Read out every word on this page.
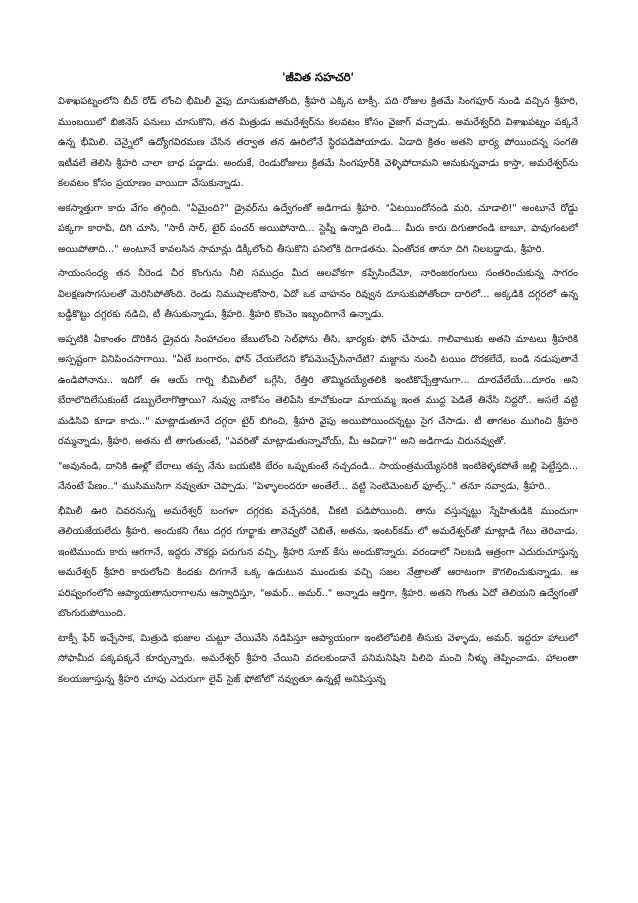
'జీవిత సహచరి'

విశాఖపట్నంలోని బీచ్ రోడ్ లోంచి భీమిలీ వైపు దూసుకుపోతోంది, శ్రీహరి ఎక్కిన టాక్సీ. పది రోజుల క్రితమే సింగపూర్ నుండి వచ్చిన శ్రీహరి, ముంబయిలో బిజినెస్ పనులు చూసుకొని, తన మిత్రుడు అమరేశ్వర్‌ను కలవటం కోసం వైజాగ్ వచ్చాడు. అమరేశ్వర్‌ది విశాఖపట్నం పక్కనే ఉన్న భీమిలి. చెన్నైలో ఉద్యోగవిరమణ చేసిన తర్వాత తన ఊరిలోనే స్థిరపడిపోయాడు. ఏడాది క్రితం అతని భార్య పోయిందన్న సంగతి ఇటీవలే తెలిసి శ్రీహరి చాలా బాధ పడ్డాడు. అందుకే, రెండురోజులు క్రితమే సింగపూర్‌కి వెళ్ళిపోదామని అనుకున్నవాడు కాస్తా, అమరేశ్వర్‌ను కలవటం కోసం ప్రయాణం వాయిదా వేసుకున్నాడు.

అకస్మాత్తుగా కారు వేగం తగ్గింది. "ఏమైంది?" డ్రైవర్‌ను ఉద్వేగంతో అడిగాడు శ్రీహరి. "ఏటయిందోనండి మరి, చూడాలి!" అంటూనే రోడ్డు పక్కగా కారాపి, దిగి చూసి, "సారీ సార్, టైర్ పంచర్ అయిపోనాది... స్టెప్నీ ఉన్నాది లెండి... మీరు కారు దిగుతారండి బాబూ, పావుగంటలో అయిపోతాది..." అంటూనే కావలసిన సామాన్లు డిక్కీలోంచి తీసుకొని పనిలోకి దిగాడతను. ఏంతోచక తానూ దిగి నిలబడ్డాడు, శ్రీహరి.

సాయంసంధ్య తన నీరెండ చీర కొంగును నీలి సముద్రం మీద ఆలవోకగా కప్పేసిందేమో, నారింజరంగులు సంతరించుకున్న సాగరం విలక్షణసొగసులతో మెరిసిపోతోంది. రెండు నిముషాలకోసారి, ఏదో ఒక వాహనం రివ్వున దూసుకుపోతోందా దారిలో... అక్కడికి దగ్గరలో ఉన్న బడ్డీకొట్టు దగ్గరకు నడిచి, టీ తీసుకున్నాడు, శ్రీహరి. శ్రీహరి కొంచెం ఇబ్బందిగానే ఉన్నాడు.

అప్పటికి ఏకాంతం దొరికిన డ్రైవరు సింహాచలం జేబులోంచి సెల్‌ఫోను తీసి, భార్యకు ఫోన్ చేసాడు. గాలివాటుకు అతని మాటలు శ్రీహరికి అస్పష్టంగా వినిపించసాగాయి. "ఏటే బంగారం, ఫోన్ చేయలేదని కోపమొచ్చేసినాదేటి? మజ్జాను నుంచీ టయిం దొరకలేదే, బండి నడుపుతానే ఉండిపోనాను.. ఇదిగో ఈ ఆయ్ గార్ని బీమిలీలో ఒగ్గేసి, రేత్తిరి తొమ్మిదయ్యేతలికి ఇంటికొచ్చేత్తానుగా... దూరవేలేయే...దూరం అని బేరాలొదిలేసుకుంటే డబ్బులేలాగొత్తాయి? నువ్వు నాకోసం తెలిపేసి కూచోకుండా మాయమ్మ ఇంత ముద్ద పెడితే తినేసి నిద్దరో.. అసలే వట్టి మడిసివి కూడా కాదు.." మాట్లాడుతూనే దగ్గరా టైర్ బిగించి, శ్రీహరి వైపు అయిపోయిందన్నట్టు సైగ చేసాడు. టీ తాగటం ముగించి శ్రీహరి రమ్మన్నాడు, శ్రీహరి. అతను టీ తాగుతుంటే, "ఎవరితో మాట్లాడుతున్నావోయ్, మీ ఆవిడా?" అని అడిగాడు చిరునవ్వుతో.

"అవునండి, దానికి ఊళ్లో బేరాలు తప్ప నేను బయటికి బేరం ఒప్పుకుంటే నచ్చదండి.. సాయంత్రమయ్యేసరికి ఇంటికెళ్ళకపోతే జల్లి పెట్టేస్తది... నేనంటే పేణం.." ముసిముసిగా నవ్వుతూ చెప్పాడు. "పెళ్ళాలందరూ అంతేలే... వట్టి సెంటిమెంటల్ ఫూల్స్.." తనూ నవ్వాడు, శ్రీహరి..

భీమిలీ ఊరి చివరనున్న అమరేశ్వర్ బంగళా దగ్గరకు వచ్చేసరికి, చీకటి పడిపోయింది. తాను వస్తున్నట్టు స్నేహితుడికి ముందుగా తెలియజేయలేదు శ్రీహరి. అందుకని గేటు దగ్గర గూర్ఖాకు తానెవ్వరో చెబితే, అతను, ఇంటర్‌కమ్ లో అమరేశ్వర్‌తో మాట్లాడి గేటు తెరిచాడు. ఇంటిముందు కారు ఆగగానే, ఇద్దరు నౌకర్లు పరుగున వచ్చి, శ్రీహరి సూట్ కేసు అందుకొన్నారు. వరండాలో నిలబడి ఆత్రంగా ఎదురుచూస్తున్న అమరేశ్వర్ శ్రీహరి కారులోంచి కిందకు దిగగానే ఒక్క ఉదుటున ముందుకు వచ్చి సజల నేత్రాలతో ఆరాటంగా కౌగలించుకున్నాడు. ఆ పరిష్వంగంలోని ఆప్యాయతానురాగాలను ఆస్వాదిస్తూ, "అమర్.. అమర్.." అన్నాడు ఆర్తిగా, శ్రీహరి. అతని గొంతు ఏదో తెలియని ఉద్వేగంతో బొంగురుపోయింది.

టాక్సీ ఫేర్ ఇచ్చేసాక, మిత్రుడి భుజాల చుట్టూ చేయివేసి నడిపిస్తూ ఆప్యాయంగా ఇంటిలోపలికి తీసుకు వెళ్ళాడు, అమర్. ఇద్దరూ హాలులో సోఫామీద పక్కపక్కనే కూర్చున్నారు. అమరేశ్వర్ శ్రీహరి చేయిని వదలకుండానే పనిమనిషిని పిలిచి మంచి నీళ్ళు తెప్పించాడు. హాలంతా కలయజూస్తున్న శ్రీహరి చూపు ఎదురుగా లైవ్ సైజ్ ఫోటోలో నవ్వుతూ ఉన్నట్లే అనిపిస్తున్న
